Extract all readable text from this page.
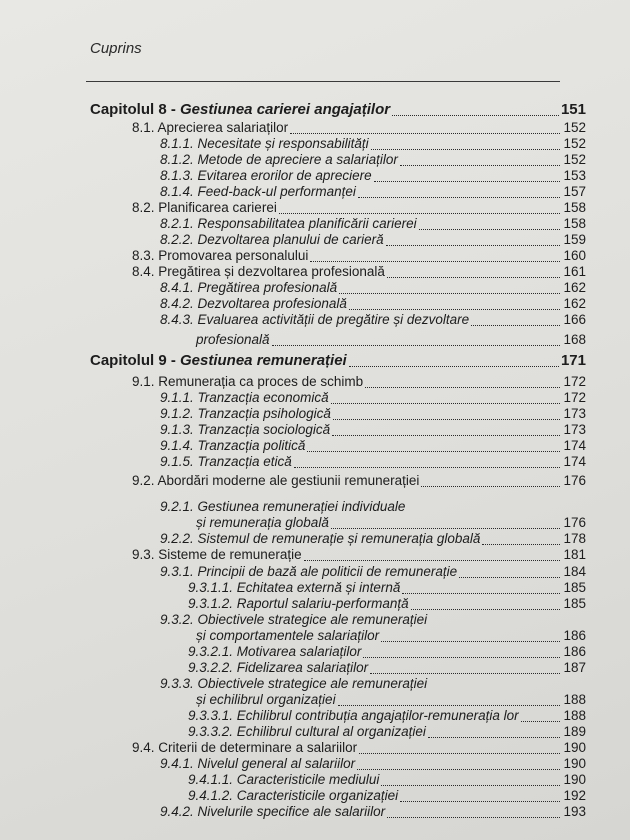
Cuprins
Capitolul 8 - Gestiunea carierei angajaților	151
8.1. Aprecierea salariaților	152
8.1.1. Necesitate și responsabilități	152
8.1.2. Metode de apreciere a salariaților	152
8.1.3. Evitarea erorilor de apreciere	153
8.1.4. Feed-back-ul performanței	157
8.2. Planificarea carierei	158
8.2.1. Responsabilitatea planificării carierei	158
8.2.2. Dezvoltarea planului de carieră	159
8.3. Promovarea personalului	160
8.4. Pregătirea și dezvoltarea profesională	161
8.4.1. Pregătirea profesională	162
8.4.2. Dezvoltarea profesională	162
8.4.3. Evaluarea activității de pregătire și dezvoltare	166
profesională	168
Capitolul 9 - Gestiunea remunerației	171
9.1. Remunerația ca proces de schimb	172
9.1.1. Tranzacția economică	172
9.1.2. Tranzacția psihologică	173
9.1.3. Tranzacția sociologică	173
9.1.4. Tranzacția politică	174
9.1.5. Tranzacția etică	174
9.2. Abordări moderne ale gestiunii remunerației	176
9.2.1. Gestiunea remunerației individuale
și remunerația globală	176
9.2.2. Sistemul de remunerație și remunerația globală	178
9.3. Sisteme de remunerație	181
9.3.1. Principii de bază ale politicii de remunerație	184
9.3.1.1. Echitatea externă și internă	185
9.3.1.2. Raportul salariu-performanță	185
9.3.2. Obiectivele strategice ale remunerației
și comportamentele salariaților	186
9.3.2.1. Motivarea salariaților	186
9.3.2.2. Fidelizarea salariaților	187
9.3.3. Obiectivele strategice ale remunerației
și echilibrul organizației	188
9.3.3.1. Echilibrul contribuția angajaților-remunerația lor	188
9.3.3.2. Echilibrul cultural al organizației	189
9.4. Criterii de determinare a salariilor	190
9.4.1. Nivelul general al salariilor	190
9.4.1.1. Caracteristicile mediului	190
9.4.1.2. Caracteristicile organizației	192
9.4.2. Nivelurile specifice ale salariilor	193
